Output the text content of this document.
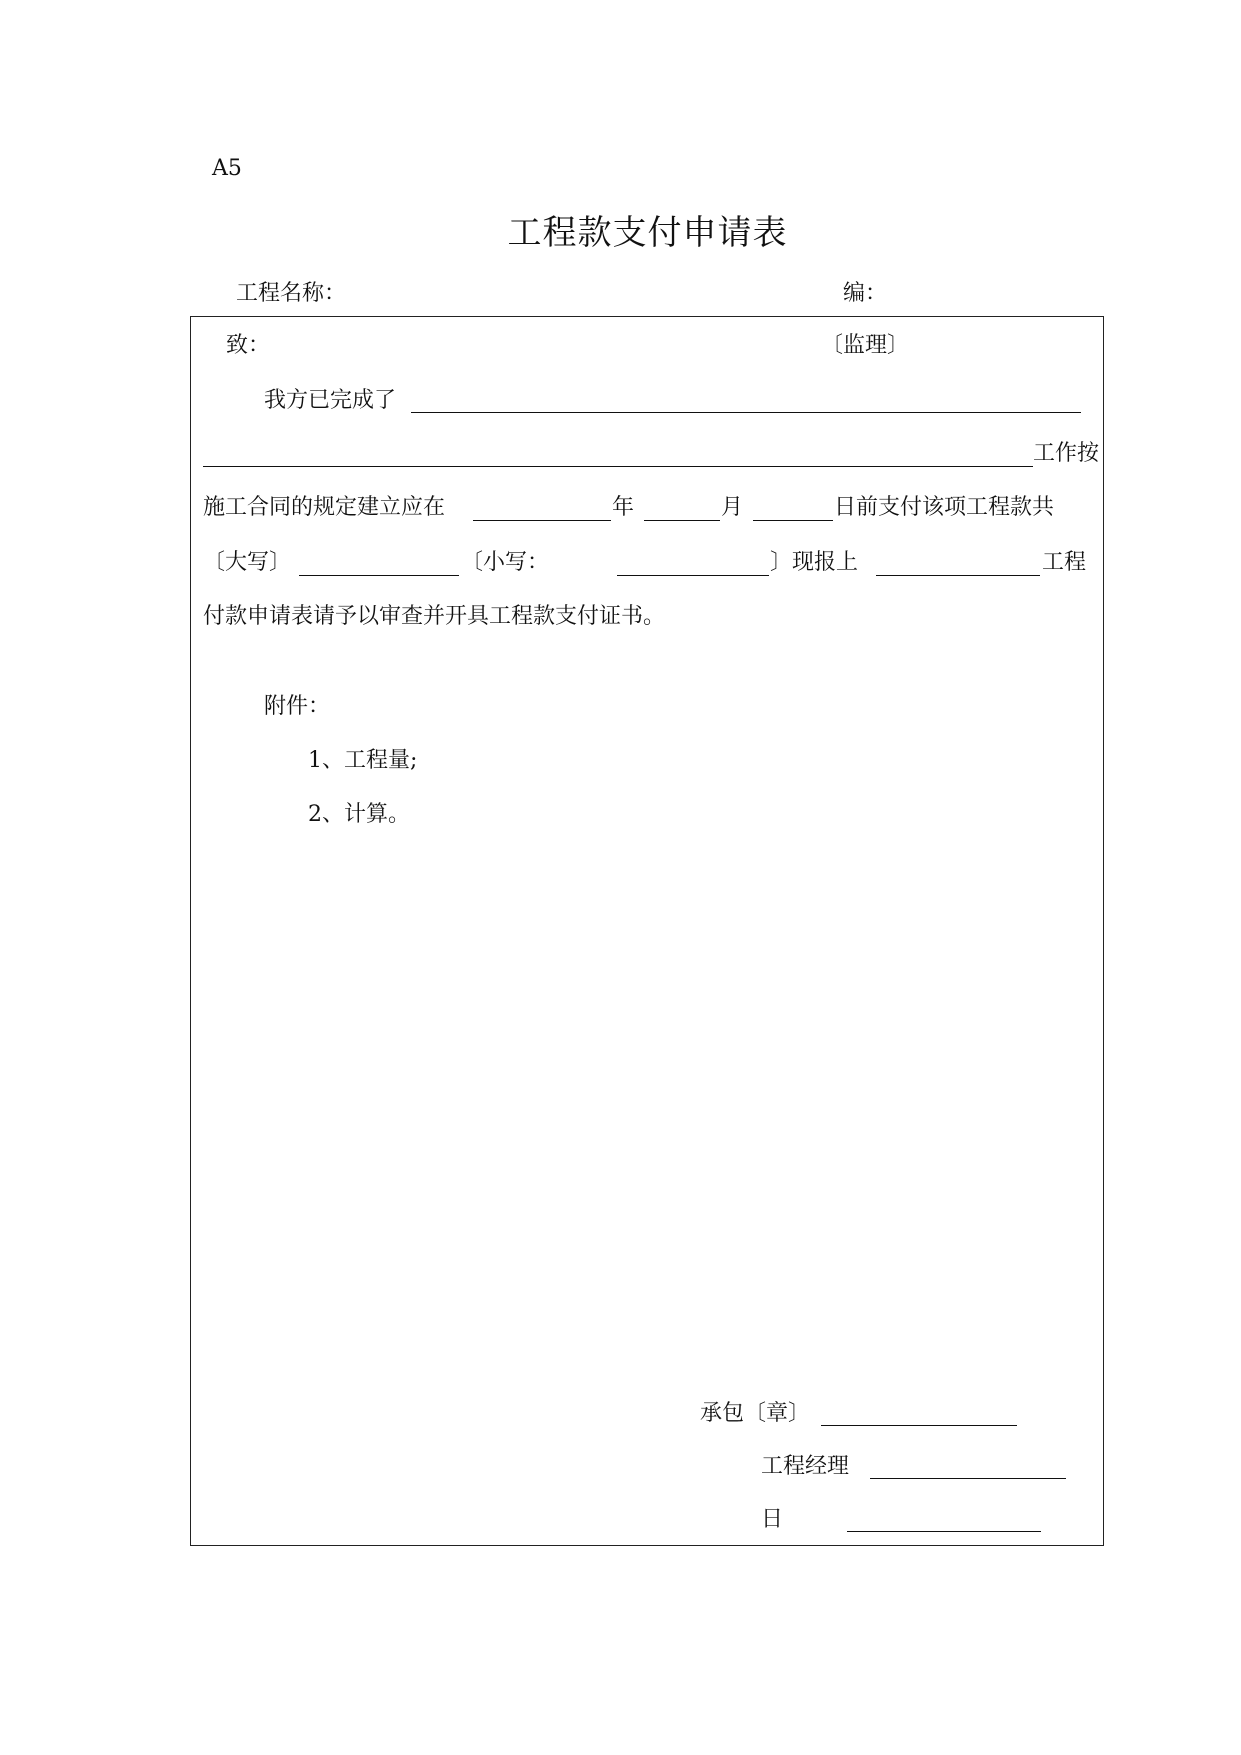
A5
工程款支付申请表
工程名称：	编：
致：	〔监理〕
我方已完成了
工作按
施工合同的规定建立应在	年	月	日前支付该项工程款共
〔大写〕	〔小写：	〕现报上	工程
付款申请表请予以审查并开具工程款支付证书。
附件：
1、工程量;
2、计算。
承包〔章〕
工程经理
日
